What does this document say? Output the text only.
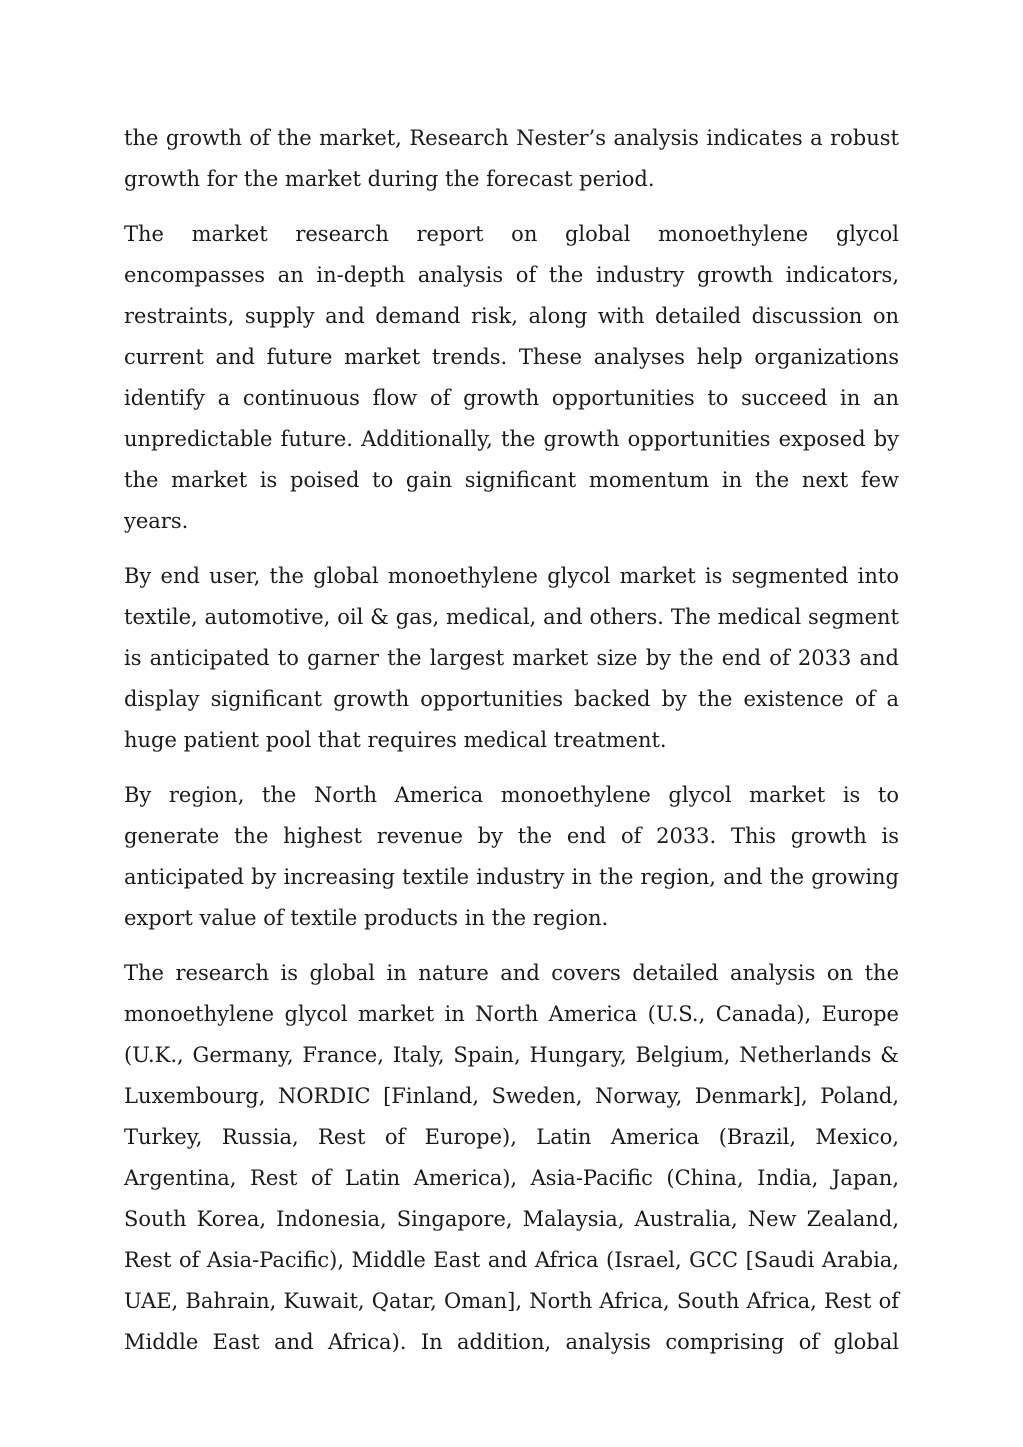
the growth of the market, Research Nester’s analysis indicates a robust growth for the market during the forecast period.

The market research report on global monoethylene glycol encompasses an in-depth analysis of the industry growth indicators, restraints, supply and demand risk, along with detailed discussion on current and future market trends. These analyses help organizations identify a continuous flow of growth opportunities to succeed in an unpredictable future. Additionally, the growth opportunities exposed by the market is poised to gain significant momentum in the next few years.

By end user, the global monoethylene glycol market is segmented into textile, automotive, oil & gas, medical, and others. The medical segment is anticipated to garner the largest market size by the end of 2033 and display significant growth opportunities backed by the existence of a huge patient pool that requires medical treatment.

By region, the North America monoethylene glycol market is to generate the highest revenue by the end of 2033. This growth is anticipated by increasing textile industry in the region, and the growing export value of textile products in the region.

The research is global in nature and covers detailed analysis on the monoethylene glycol market in North America (U.S., Canada), Europe (U.K., Germany, France, Italy, Spain, Hungary, Belgium, Netherlands & Luxembourg, NORDIC [Finland, Sweden, Norway, Denmark], Poland, Turkey, Russia, Rest of Europe), Latin America (Brazil, Mexico, Argentina, Rest of Latin America), Asia-Pacific (China, India, Japan, South Korea, Indonesia, Singapore, Malaysia, Australia, New Zealand, Rest of Asia-Pacific), Middle East and Africa (Israel, GCC [Saudi Arabia, UAE, Bahrain, Kuwait, Qatar, Oman], North Africa, South Africa, Rest of Middle East and Africa). In addition, analysis comprising of global
